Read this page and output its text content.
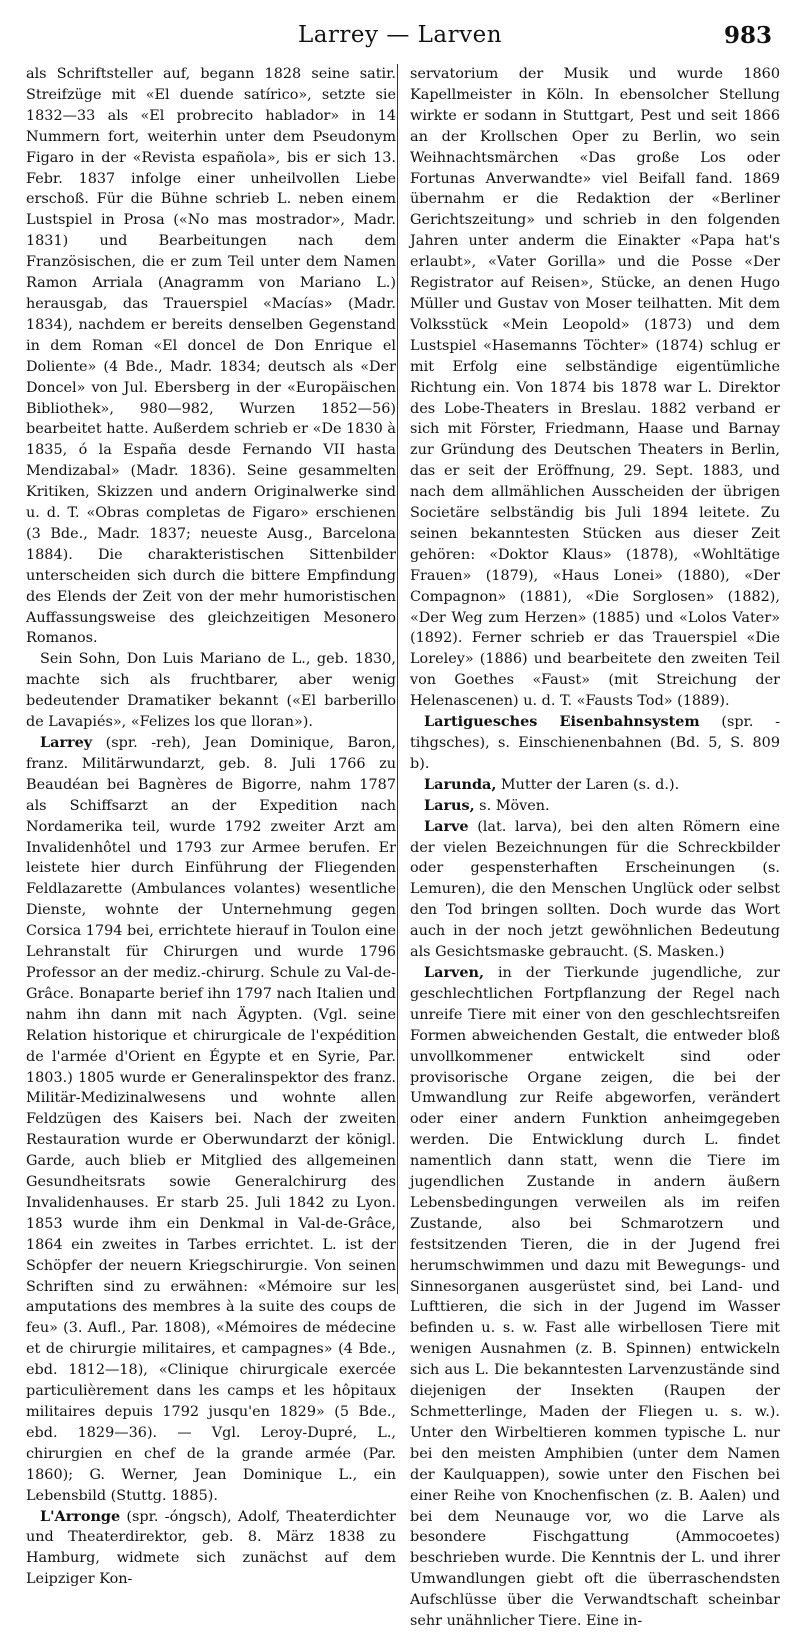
Larrey — Larven	983

als Schriftsteller auf, begann 1828 seine satir. Streifzüge mit «El duende satírico», setzte sie 1832—33 als «El probrecito hablador» in 14 Nummern fort, weiterhin unter dem Pseudonym Figaro in der «Revista española», bis er sich 13. Febr. 1837 infolge einer unheilvollen Liebe erschoß. Für die Bühne schrieb L. neben einem Lustspiel in Prosa («No mas mostrador», Madr. 1831) und Bearbeitungen nach dem Französischen, die er zum Teil unter dem Namen Ramon Arriala (Anagramm von Mariano L.) herausgab, das Trauerspiel «Macías» (Madr. 1834), nachdem er bereits denselben Gegenstand in dem Roman «El doncel de Don Enrique el Doliente» (4 Bde., Madr. 1834; deutsch als «Der Doncel» von Jul. Ebersberg in der «Europäischen Bibliothek», 980—982, Wurzen 1852—56) bearbeitet hatte. Außerdem schrieb er «De 1830 à 1835, ó la España desde Fernando VII hasta Mendizabal» (Madr. 1836). Seine gesammelten Kritiken, Skizzen und andern Originalwerke sind u. d. T. «Obras completas de Figaro» erschienen (3 Bde., Madr. 1837; neueste Ausg., Barcelona 1884). Die charakteristischen Sittenbilder unterscheiden sich durch die bittere Empfindung des Elends der Zeit von der mehr humoristischen Auffassungsweise des gleichzeitigen Mesonero Romanos.

Sein Sohn, Don Luis Mariano de L., geb. 1830, machte sich als fruchtbarer, aber wenig bedeutender Dramatiker bekannt («El barberillo de Lavapiés», «Felizes los que lloran»).

Larrey (spr. -reh), Jean Dominique, Baron, franz. Militärwundarzt, geb. 8. Juli 1766 zu Beaudéan bei Bagnères de Bigorre, nahm 1787 als Schiffsarzt an der Expedition nach Nordamerika teil, wurde 1792 zweiter Arzt am Invalidenhôtel und 1793 zur Armee berufen. Er leistete hier durch Einführung der Fliegenden Feldlazarette (Ambulances volantes) wesentliche Dienste, wohnte der Unternehmung gegen Corsica 1794 bei, errichtete hierauf in Toulon eine Lehranstalt für Chirurgen und wurde 1796 Professor an der mediz.-chirurg. Schule zu Val-de-Grâce. Bonaparte berief ihn 1797 nach Italien und nahm ihn dann mit nach Ägypten. (Vgl. seine Relation historique et chirurgicale de l'expédition de l'armée d'Orient en Égypte et en Syrie, Par. 1803.) 1805 wurde er Generalinspektor des franz. Militär-Medizinalwesens und wohnte allen Feldzügen des Kaisers bei. Nach der zweiten Restauration wurde er Oberwundarzt der königl. Garde, auch blieb er Mitglied des allgemeinen Gesundheitsrats sowie Generalchirurg des Invalidenhauses. Er starb 25. Juli 1842 zu Lyon. 1853 wurde ihm ein Denkmal in Val-de-Grâce, 1864 ein zweites in Tarbes errichtet. L. ist der Schöpfer der neuern Kriegschirurgie. Von seinen Schriften sind zu erwähnen: «Mémoire sur les amputations des membres à la suite des coups de feu» (3. Aufl., Par. 1808), «Mémoires de médecine et de chirurgie militaires, et campagnes» (4 Bde., ebd. 1812—18), «Clinique chirurgicale exercée particulièrement dans les camps et les hôpitaux militaires depuis 1792 jusqu'en 1829» (5 Bde., ebd. 1829—36). — Vgl. Leroy-Dupré, L., chirurgien en chef de la grande armée (Par. 1860); G. Werner, Jean Dominique L., ein Lebensbild (Stuttg. 1885).

L'Arronge (spr. -óngsch), Adolf, Theaterdichter und Theaterdirektor, geb. 8. März 1838 zu Hamburg, widmete sich zunächst auf dem Leipziger Kon-

servatorium der Musik und wurde 1860 Kapellmeister in Köln. In ebensolcher Stellung wirkte er sodann in Stuttgart, Pest und seit 1866 an der Krollschen Oper zu Berlin, wo sein Weihnachtsmärchen «Das große Los oder Fortunas Anverwandte» viel Beifall fand. 1869 übernahm er die Redaktion der «Berliner Gerichtszeitung» und schrieb in den folgenden Jahren unter anderm die Einakter «Papa hat's erlaubt», «Vater Gorilla» und die Posse «Der Registrator auf Reisen», Stücke, an denen Hugo Müller und Gustav von Moser teilhatten. Mit dem Volksstück «Mein Leopold» (1873) und dem Lustspiel «Hasemanns Töchter» (1874) schlug er mit Erfolg eine selbständige eigentümliche Richtung ein. Von 1874 bis 1878 war L. Direktor des Lobe-Theaters in Breslau. 1882 verband er sich mit Förster, Friedmann, Haase und Barnay zur Gründung des Deutschen Theaters in Berlin, das er seit der Eröffnung, 29. Sept. 1883, und nach dem allmählichen Ausscheiden der übrigen Societäre selbständig bis Juli 1894 leitete. Zu seinen bekanntesten Stücken aus dieser Zeit gehören: «Doktor Klaus» (1878), «Wohltätige Frauen» (1879), «Haus Lonei» (1880), «Der Compagnon» (1881), «Die Sorglosen» (1882), «Der Weg zum Herzen» (1885) und «Lolos Vater» (1892). Ferner schrieb er das Trauerspiel «Die Loreley» (1886) und bearbeitete den zweiten Teil von Goethes «Faust» (mit Streichung der Helenascenen) u. d. T. «Fausts Tod» (1889).

Lartiguesches Eisenbahnsystem (spr. -tihgsches), s. Einschienenbahnen (Bd. 5, S. 809 b).

Larunda, Mutter der Laren (s. d.).

Larus, s. Möven.

Larve (lat. larva), bei den alten Römern eine der vielen Bezeichnungen für die Schreckbilder oder gespensterhaften Erscheinungen (s. Lemuren), die den Menschen Unglück oder selbst den Tod bringen sollten. Doch wurde das Wort auch in der noch jetzt gewöhnlichen Bedeutung als Gesichtsmaske gebraucht. (S. Masken.)

Larven, in der Tierkunde jugendliche, zur geschlechtlichen Fortpflanzung der Regel nach unreife Tiere mit einer von den geschlechtsreifen Formen abweichenden Gestalt, die entweder bloß unvollkommener entwickelt sind oder provisorische Organe zeigen, die bei der Umwandlung zur Reife abgeworfen, verändert oder einer andern Funktion anheimgegeben werden. Die Entwicklung durch L. findet namentlich dann statt, wenn die Tiere im jugendlichen Zustande in andern äußern Lebensbedingungen verweilen als im reifen Zustande, also bei Schmarotzern und festsitzenden Tieren, die in der Jugend frei herumschwimmen und dazu mit Bewegungs- und Sinnesorganen ausgerüstet sind, bei Land- und Lufttieren, die sich in der Jugend im Wasser befinden u. s. w. Fast alle wirbellosen Tiere mit wenigen Ausnahmen (z. B. Spinnen) entwickeln sich aus L. Die bekanntesten Larvenzustände sind diejenigen der Insekten (Raupen der Schmetterlinge, Maden der Fliegen u. s. w.). Unter den Wirbeltieren kommen typische L. nur bei den meisten Amphibien (unter dem Namen der Kaulquappen), sowie unter den Fischen bei einer Reihe von Knochenfischen (z. B. Aalen) und bei dem Neunauge vor, wo die Larve als besondere Fischgattung (Ammocoetes) beschrieben wurde. Die Kenntnis der L. und ihrer Umwandlungen giebt oft die überraschendsten Aufschlüsse über die Verwandtschaft scheinbar sehr unähnlicher Tiere. Eine in-
